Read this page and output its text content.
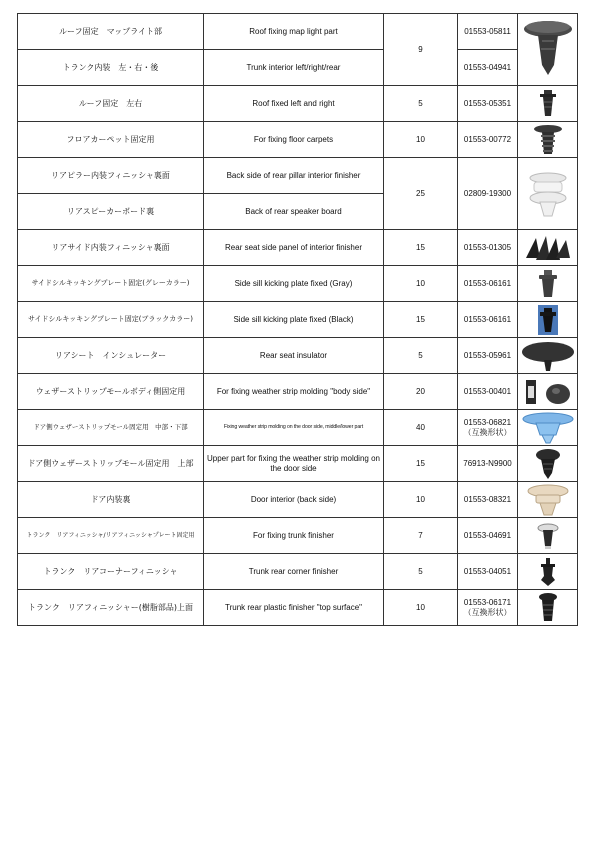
ルーフ固定　マップライト部	Roof fixing map light part	9	01553-05811	

トランク内装　左・右・後	Trunk interior left/right/rear		01553-04941	
ルーフ固定　左右	Roof fixed left and right	5	01553-05351	

フロアカーペット固定用	For fixing floor carpets	10	01553-00772	

リアピラー内装フィニッシャ裏面	Back side of rear pillar interior finisher	25	02809-19300	

リアスピーカーボード裏	Back of rear speaker board			
リアサイド内装フィニッシャ裏面	Rear seat side panel of interior finisher	15	01553-01305	

サイドシルキッキングプレート固定(グレーカラー)	Side sill kicking plate fixed (Gray)	10	01553-06161	

サイドシルキッキングプレート固定(ブラックカラー)	Side sill kicking plate fixed (Black)	15	01553-06161	

リアシート　インシュレーター	Rear seat insulator	5	01553-05961	

ウェザーストリップモールボディ側固定用	For fixing weather strip molding "body side"	20	01553-00401	

ドア側ウェザーストリップモール固定用　中部・下部	Fixing weather strip molding on the door side, middle/lower part	40	01553-06821
（互換形状）

ドア側ウェザーストリップモール固定用　上部	Upper part for fixing the weather strip molding on the door side	15	76913-N9900	

ドア内装裏	Door interior (back side)	10	01553-08321	

トランク　リアフィニッシャ/リアフィニッシャプレート固定用	For fixing trunk finisher	7	01553-04691	

トランク　リアコーナーフィニッシャ	Trunk rear corner finisher	5	01553-04051	

トランク　リアフィニッシャー(樹脂部品)上面	Trunk rear plastic finisher "top surface"	10	01553-06171
（互換形状）
